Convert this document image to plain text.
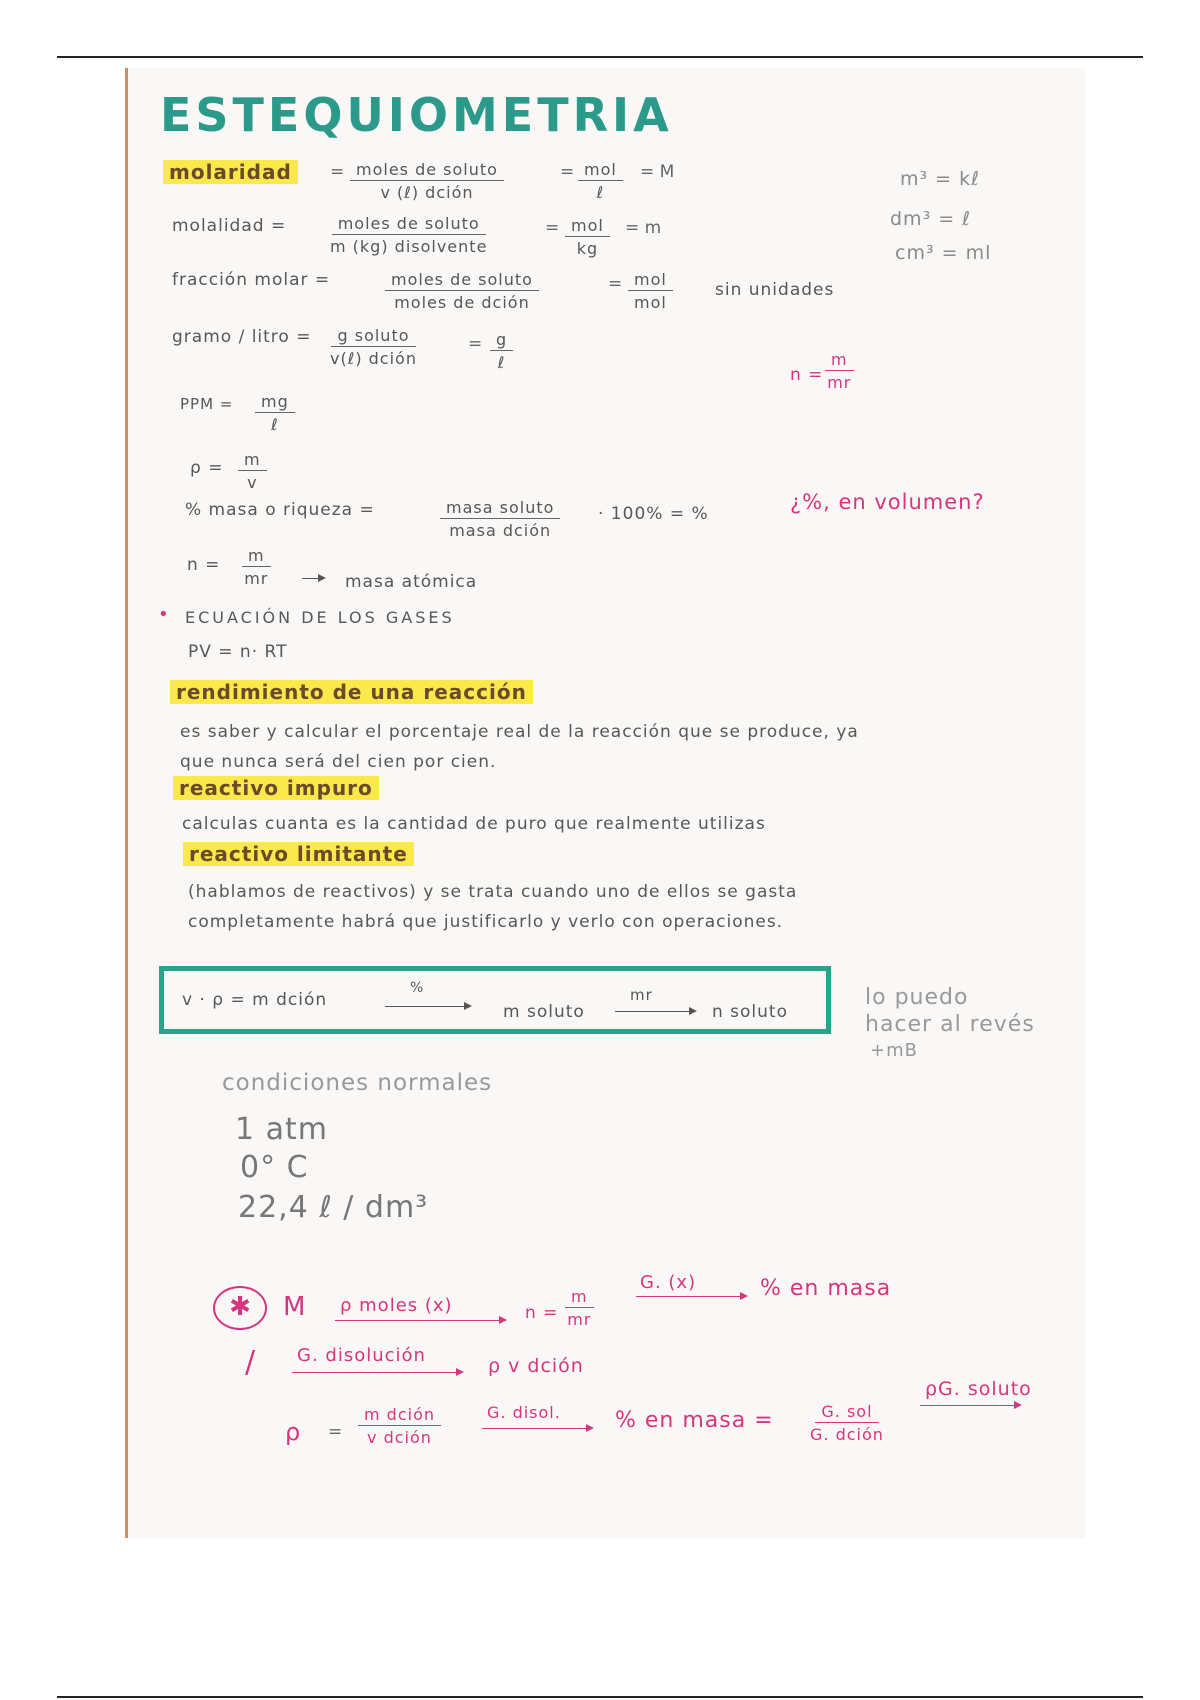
ESTEQUIOMETRIA
m³ = kℓ
dm³ = ℓ
cm³ = ml
molaridad	= moles de soluto
v (ℓ) dción
= mol
ℓ
= M
molalidad =	moles de soluto
m (kg) disolvente
= mol
kg
= m
fracción molar =	moles de soluto
moles de dción
= mol
mol
sin unidades
gramo / litro =	g soluto
v(ℓ) dción
= g
ℓ
$n = \frac{m}{mr}$
PPM =	mg
ℓ
$\rho = \frac{m}{v}$
% masa o riqueza =	masa soluto
masa dción
· 100% = %	¿%, en volumen?
$n = \frac{m}{mr}$	masa atómica
• ECUACIÓN DE LOS GASES
PV = n· RT
rendimiento de una reacción
es saber y calcular el porcentaje real de la reacción que se produce, ya
que nunca será del cien por cien.
reactivo impuro
calculas cuanta es la cantidad de puro que realmente utilizas
reactivo limitante
(hablamos de reactivos) y se trata cuando uno de ellos se gasta
completamente habrá que justificarlo y verlo con operaciones.
v · ρ = m dción
%
m soluto
mr
n soluto
lo puedo
hacer al revés
+mB
condiciones normales
1 atm
0° C
22,4 ℓ / dm³
✱	M ρ moles (x)	$n = \frac{m}{mr}$
G. (x)	% en masa
/ G. disolución	ρ v dción
ρ =
m dción
v dción
G. disol. % en masa =	G. sol
G. dción
ρG. soluto
